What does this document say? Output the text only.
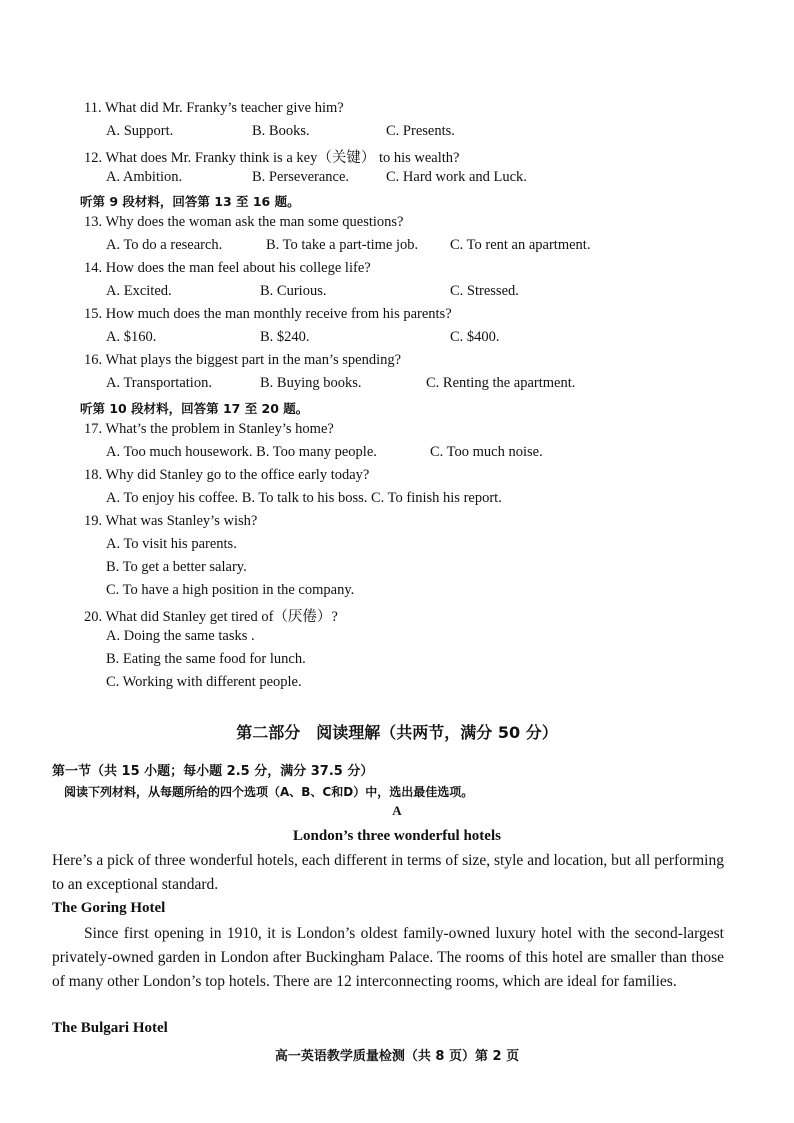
11. What did Mr. Franky’s teacher give him?
A. Support.	B. Books.	C. Presents.
12. What does Mr. Franky think is a key（关键） to his wealth?
A. Ambition.	B. Perseverance.	C. Hard work and Luck.
听第 9 段材料，回答第 13 至 16 题。
13. Why does the woman ask the man some questions?
A. To do a research.	B. To take a part-time job. C. To rent an apartment.
14. How does the man feel about his college life?
A. Excited.	B. Curious.	C. Stressed.
15. How much does the man monthly receive from his parents?
A. $160.	B. $240.	C. $400.
16. What plays the biggest part in the man’s spending?
A. Transportation.	B. Buying books.	C. Renting the apartment.
听第 10 段材料，回答第 17 至 20 题。
17. What’s the problem in Stanley’s home?
A. Too much housework. B. Too many people.	C. Too much noise.
18. Why did Stanley go to the office early today?
A. To enjoy his coffee. B. To talk to his boss. C. To finish his report.
19. What was Stanley’s wish?
A. To visit his parents.
B. To get a better salary.
C. To have a high position in the company.
20. What did Stanley get tired of（厌倦）?
A. Doing the same tasks .
B. Eating the same food for lunch.
C. Working with different people.
第二部分　阅读理解（共两节，满分 50 分）
第一节（共 15 小题；每小题 2.5 分，满分 37.5 分）
阅读下列材料，从每题所给的四个选项（A、B、C和D）中，选出最佳选项。
A
London’s three wonderful hotels
Here’s a pick of three wonderful hotels, each different in terms of size, style and location, but all performing to an exceptional standard.
The Goring Hotel
Since first opening in 1910, it is London’s oldest family-owned luxury hotel with the second-largest privately-owned garden in London after Buckingham Palace. The rooms of this hotel are smaller than those of many other London’s top hotels. There are 12 interconnecting rooms, which are ideal for families.
The Bulgari Hotel
高一英语教学质量检测（共 8 页）第 2 页
